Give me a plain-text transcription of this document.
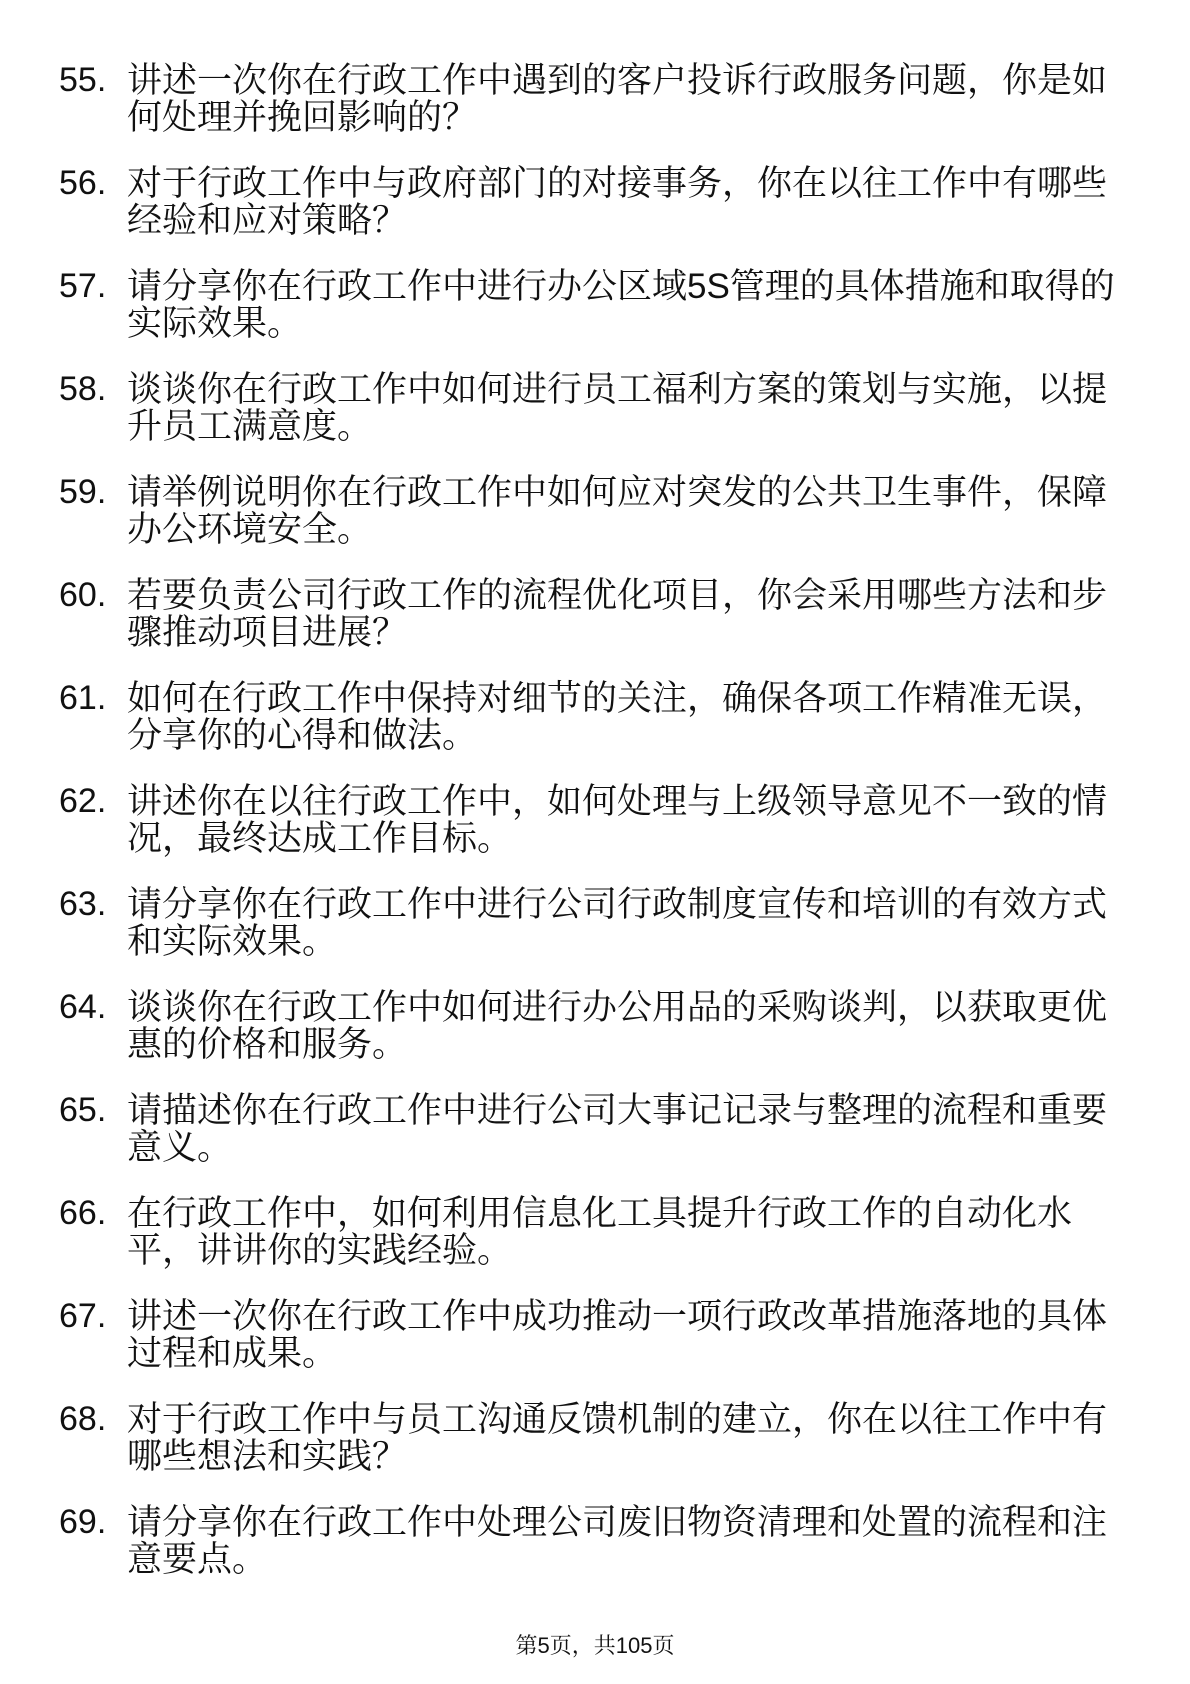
55. 讲述一次你在行政工作中遇到的客户投诉行政服务问题，你是如
何处理并挽回影响的？
56. 对于行政工作中与政府部门的对接事务，你在以往工作中有哪些
经验和应对策略？
57. 请分享你在行政工作中进行办公区域5S管理的具体措施和取得的
实际效果。
58. 谈谈你在行政工作中如何进行员工福利方案的策划与实施，以提
升员工满意度。
59. 请举例说明你在行政工作中如何应对突发的公共卫生事件，保障
办公环境安全。
60. 若要负责公司行政工作的流程优化项目，你会采用哪些方法和步
骤推动项目进展？
61. 如何在行政工作中保持对细节的关注，确保各项工作精准无误，
分享你的心得和做法。
62. 讲述你在以往行政工作中，如何处理与上级领导意见不一致的情
况，最终达成工作目标。
63. 请分享你在行政工作中进行公司行政制度宣传和培训的有效方式
和实际效果。
64. 谈谈你在行政工作中如何进行办公用品的采购谈判，以获取更优
惠的价格和服务。
65. 请描述你在行政工作中进行公司大事记记录与整理的流程和重要
意义。
66. 在行政工作中，如何利用信息化工具提升行政工作的自动化水
平，讲讲你的实践经验。
67. 讲述一次你在行政工作中成功推动一项行政改革措施落地的具体
过程和成果。
68. 对于行政工作中与员工沟通反馈机制的建立，你在以往工作中有
哪些想法和实践？
69. 请分享你在行政工作中处理公司废旧物资清理和处置的流程和注
意要点。
第5页，共105页
